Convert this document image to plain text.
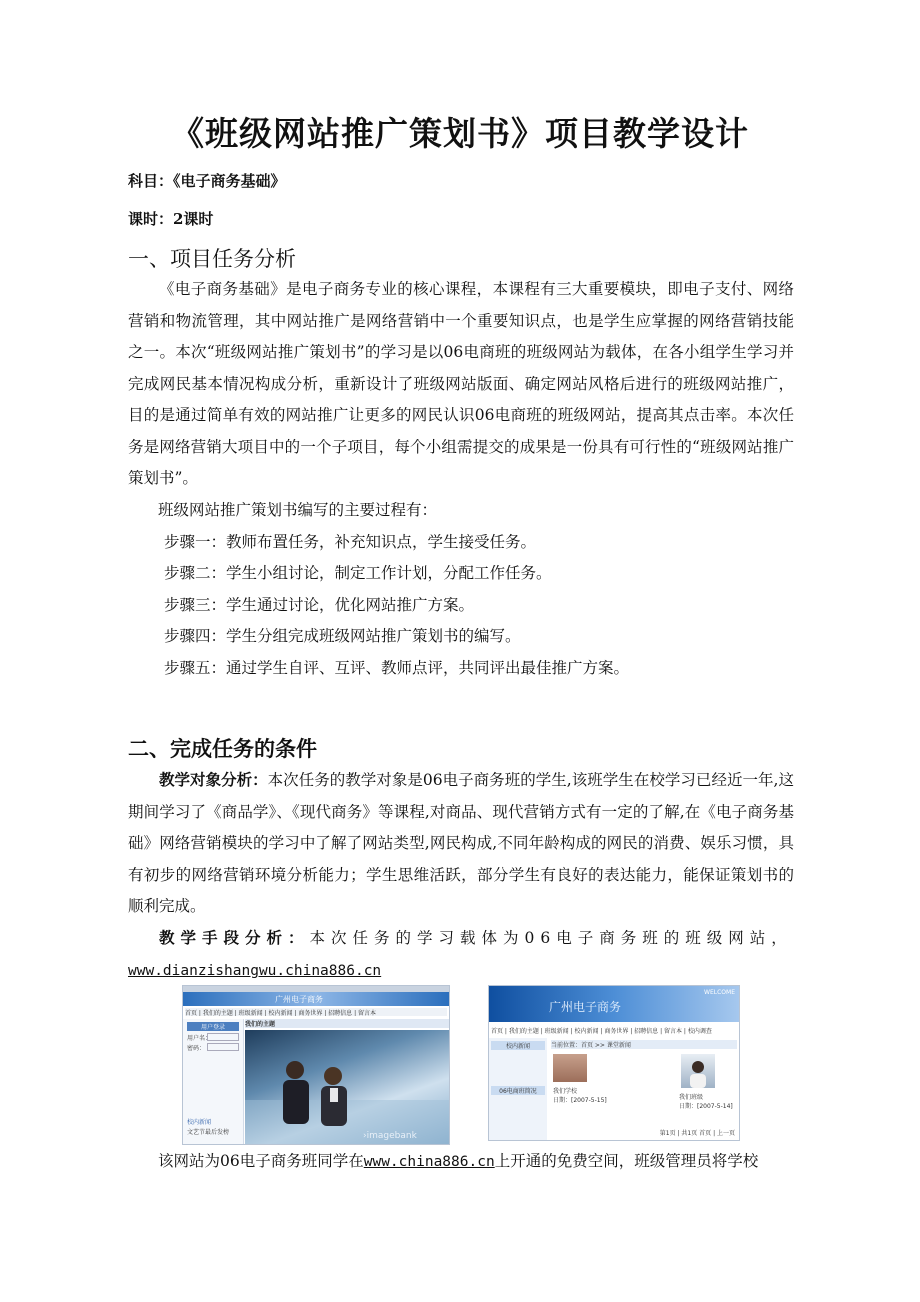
《班级网站推广策划书》项目教学设计
科目：《电子商务基础》
课时：2课时
一、项目任务分析
《电子商务基础》是电子商务专业的核心课程，本课程有三大重要模块，即电子支付、网络营销和物流管理，其中网站推广是网络营销中一个重要知识点，也是学生应掌握的网络营销技能之一。本次“班级网站推广策划书”的学习是以06电商班的班级网站为载体，在各小组学生学习并完成网民基本情况构成分析，重新设计了班级网站版面、确定网站风格后进行的班级网站推广，目的是通过简单有效的网站推广让更多的网民认识06电商班的班级网站，提高其点击率。本次任务是网络营销大项目中的一个子项目，每个小组需提交的成果是一份具有可行性的“班级网站推广策划书”。
班级网站推广策划书编写的主要过程有：
步骤一：教师布置任务，补充知识点，学生接受任务。
步骤二：学生小组讨论，制定工作计划，分配工作任务。
步骤三：学生通过讨论，优化网站推广方案。
步骤四：学生分组完成班级网站推广策划书的编写。
步骤五：通过学生自评、互评、教师点评，共同评出最佳推广方案。
二、完成任务的条件
教学对象分析：本次任务的教学对象是06电子商务班的学生,该班学生在校学习已经近一年,这期间学习了《商品学》、《现代商务》等课程,对商品、现代营销方式有一定的了解,在《电子商务基础》网络营销模块的学习中了解了网站类型,网民构成,不同年龄构成的网民的消费、娱乐习惯，具有初步的网络营销环境分析能力；学生思维活跃，部分学生有良好的表达能力，能保证策划书的顺利完成。
教学手段分析：本次任务的学习载体为06电子商务班的班级网站，
www.dianzishangwu.china886.cn
广州电子商务
首页 | 我们的主题 | 班级新闻 | 校内新闻 | 商务世界 | 招聘信息 | 留言本
用户登录
用户名：
密码：
校内新闻
文艺节最后发榜
我们的主题
›imagebank
广州电子商务
WELCOME
首页 | 我们的主题 | 班级新闻 | 校内新闻 | 商务世界 | 招聘信息 | 留言本 | 校内调查
校内新闻
06电商班简况
当前位置：首页 >> 课堂新闻
我们学校
日期：[2007-5-15]	我们班级
日期：[2007-5-14]
第1页 | 共1页 首页 | 上一页
该网站为06电子商务班同学在www.china886.cn上开通的免费空间，班级管理员将学校
